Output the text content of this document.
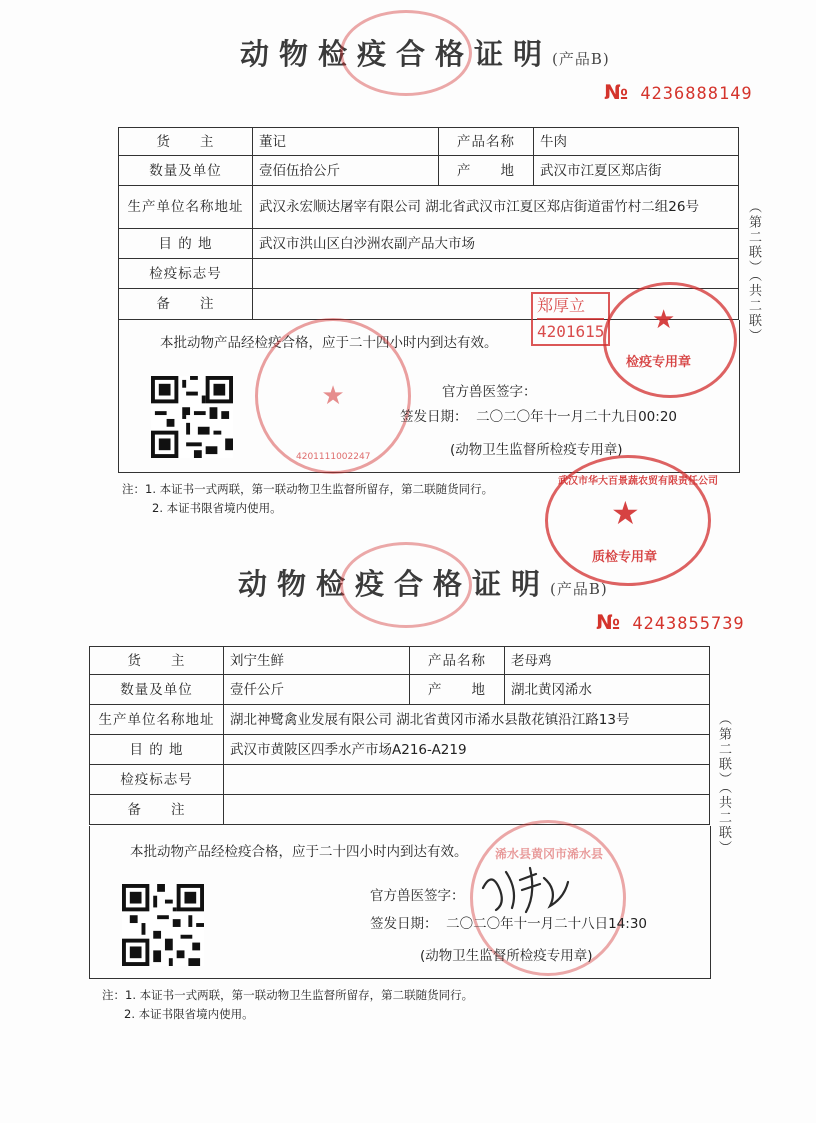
动物检疫合格证明(产品B)
№ 4236888149
货　　主	董记	产品名称	牛肉
数量及单位	壹佰伍拾公斤	产　　地	武汉市江夏区郑店街
生产单位名称地址	武汉永宏顺达屠宰有限公司 湖北省武汉市江夏区郑店街道雷竹村二组26号		
目 的 地	武汉市洪山区白沙洲农副产品大市场		
检疫标志号			
备　　注			
本批动物产品经检疫合格，应于二十四小时内到达有效。
★
4201111002247
官方兽医签字：
签发日期： 二〇二〇年十一月二十九日00:20
(动物卫生监督所检疫专用章)
郑厚立
4201615 ★
检疫专用章
武汉市华大百景蔬农贸有限责任公司
★
质检专用章
注：1. 本证书一式两联，第一联动物卫生监督所留存，第二联随货同行。
2. 本证书限省境内使用。
（第二联）（共二联）
动物检疫合格证明(产品B)
№ 4243855739
货　　主	刘宁生鲜	产品名称	老母鸡
数量及单位	壹仟公斤	产　　地	湖北黄冈浠水
生产单位名称地址	湖北神鹭禽业发展有限公司 湖北省黄冈市浠水县散花镇沿江路13号		
目 的 地	武汉市黄陂区四季水产市场A216-A219		
检疫标志号			
备　　注			
本批动物产品经检疫合格，应于二十四小时内到达有效。 浠水县黄冈市浠水县
官方兽医签字：
签发日期： 二〇二〇年十一月二十八日14:30
(动物卫生监督所检疫专用章)
注：1. 本证书一式两联，第一联动物卫生监督所留存，第二联随货同行。
2. 本证书限省境内使用。
（第二联）（共二联）
